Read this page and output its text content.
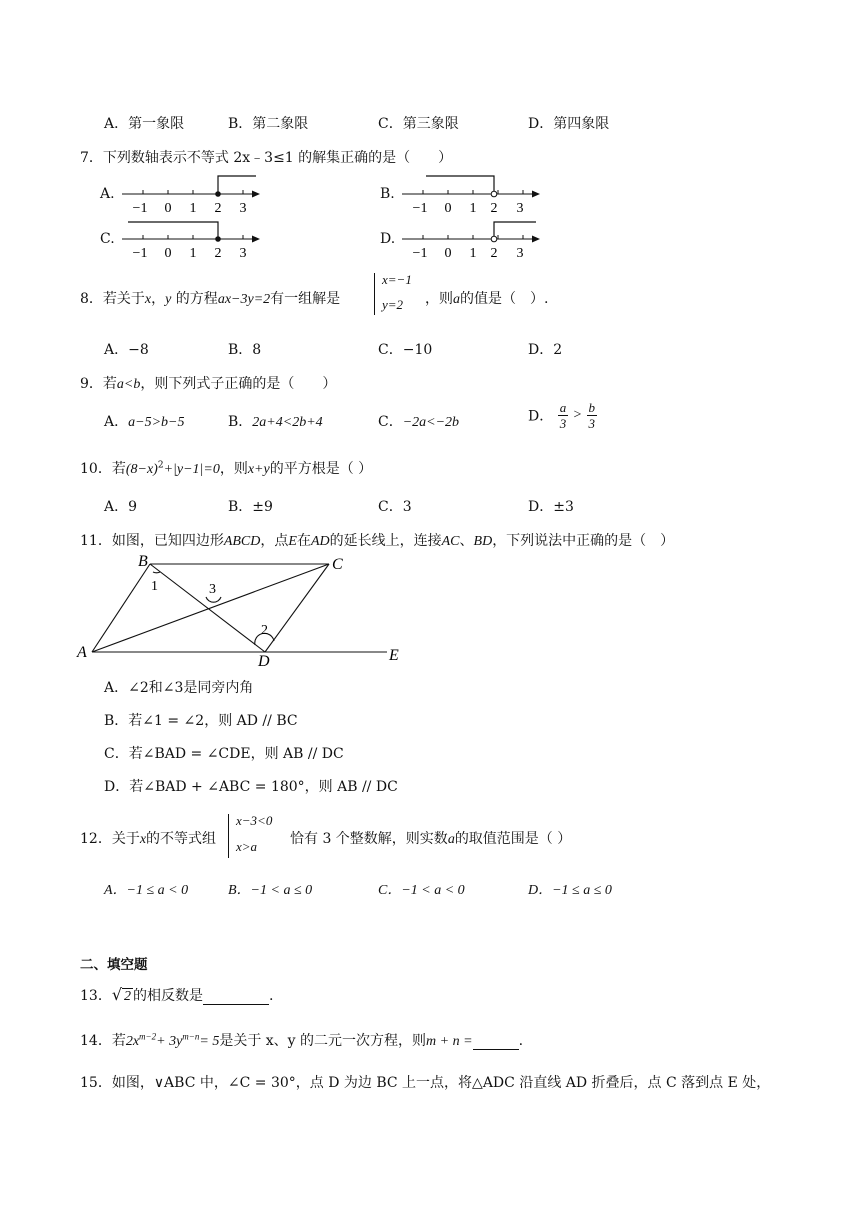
A．第一象限	B．第二象限	C．第三象限	D．第四象限
7．下列数轴表示不等式 2x﹣3≤1 的解集正确的是（　　）
A.
−1 0 1 2 3
B.
−1 0 1 2 3
C.
−1 0 1 2 3
D.
−1 0 1 2 3
8．若关于x，y 的方程ax−3y=2有一组解是
x=−1
y=2 ，则a的值是（　）.
A．−8	B．8	C．−10	D．2
9．若a<b，则下列式子正确的是（　　）
A．a−5>b−5	B．2a+4<2b+4	C．−2a<−2b	D． $\frac{a}{3} > \frac{b}{3}$
10．若$(8-x)^2+|y-1|=0$，则x+y的平方根是（ ）
A．9	B．±9	C．3	D．±3
11．如图，已知四边形ABCD，点E在AD的延长线上，连接AC、BD，下列说法中正确的是（　）
B	C
A
D	E
1
2
3
A．∠2和∠3是同旁内角
B．若∠1 = ∠2，则 AD // BC
C．若∠BAD = ∠CDE，则 AB // DC
D．若∠BAD + ∠ABC = 180°，则 AB // DC
12．关于x的不等式组
x−3<0
x>a 恰有 3 个整数解，则实数a的取值范围是（ ）
A．−1 ≤ a < 0	B．−1 < a ≤ 0	C．−1 < a < 0	D．−1 ≤ a ≤ 0
二、填空题
13．√ 2 的相反数是	.
14．若$2x^{m-2}+ 3y^{m-n}= 5$是关于 x、y 的二元一次方程，则m + n =	.
15．如图，∨ABC 中，∠C = 30°，点 D 为边 BC 上一点，将△ADC 沿直线 AD 折叠后，点 C 落到点 E 处，
